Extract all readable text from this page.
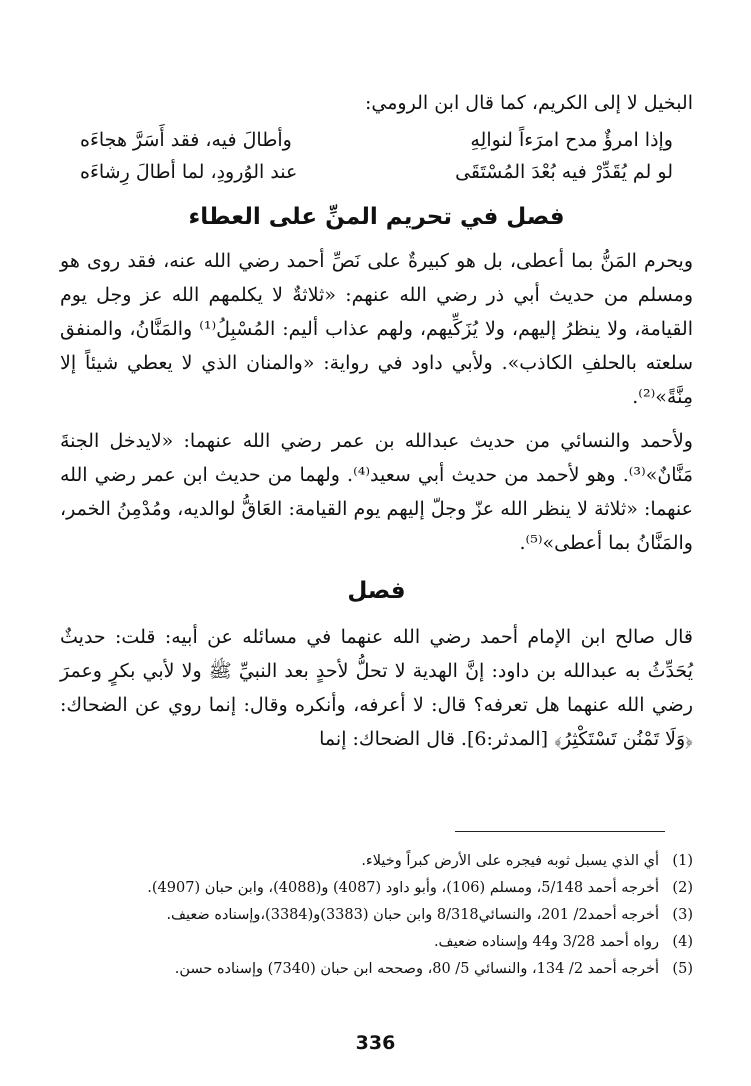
البخيل لا إلى الكريم، كما قال ابن الرومي:
وإذا امرؤٌ مدح امرَءاً لنوالِهِ
وأطالَ فيه، فقد أَسَرَّ هجاءَه
لو لم يُقَدِّرْ فيه بُعْدَ المُسْتَقَى
عند الوُرودِ، لما أطالَ رِشاءَه
فصل في تحريم المنِّ على العطاء

ويحرم المَنُّ بما أعطى، بل هو كبيرةٌ على نَصِّ أحمد رضي الله عنه، فقد روى هو ومسلم من حديث أبي ذر رضي الله عنهم: «ثلاثةٌ لا يكلمهم الله عز وجل يوم القيامة، ولا ينظرُ إليهم، ولا يُزَكِّيهم، ولهم عذاب أليم: المُسْبِلُ⁽¹⁾ والمَنَّانُ، والمنفق سلعته بالحلفِ الكاذب». ولأبي داود في رواية: «والمنان الذي لا يعطي شيئاً إلا مِنَّةً»⁽²⁾.

ولأحمد والنسائي من حديث عبدالله بن عمر رضي الله عنهما: «لايدخل الجنةَ مَنَّانٌ»⁽³⁾. وهو لأحمد من حديث أبي سعيد⁽⁴⁾. ولهما من حديث ابن عمر رضي الله عنهما: «ثلاثة لا ينظر الله عزّ وجلّ إليهم يوم القيامة: العَاقُّ لوالديه، ومُدْمِنُ الخمر، والمَنَّانُ بما أعطى»⁽⁵⁾.

فصل

قال صالح ابن الإمام أحمد رضي الله عنهما في مسائله عن أبيه: قلت: حديثٌ يُحَدِّثُ به عبدالله بن داود: إنَّ الهدية لا تحلُّ لأحدٍ بعد النبيِّ ﷺ ولا لأبي بكرٍ وعمرَ رضي الله عنهما هل تعرفه؟ قال: لا أعرفه، وأنكره وقال: إنما روي عن الضحاك: ﴿وَلَا تَمْنُن تَسْتَكْثِرُ﴾ [المدثر:6]. قال الضحاك: إنما

(1)
أي الذي يسبل ثوبه فيجره على الأرض كبراً وخيلاء.
(2)
أخرجه أحمد 5/148، ومسلم (106)، وأبو داود (4087) و(4088)، وابن حبان (4907).
(3)
أخرجه أحمد2/ 201، والنسائي8/318 وابن حبان (3383)و(3384)،وإسناده ضعيف.
(4)
رواه أحمد 3/28 و44 وإسناده ضعيف.
(5)
أخرجه أحمد 2/ 134، والنسائي 5/ 80، وصححه ابن حبان (7340) وإسناده حسن.
336
